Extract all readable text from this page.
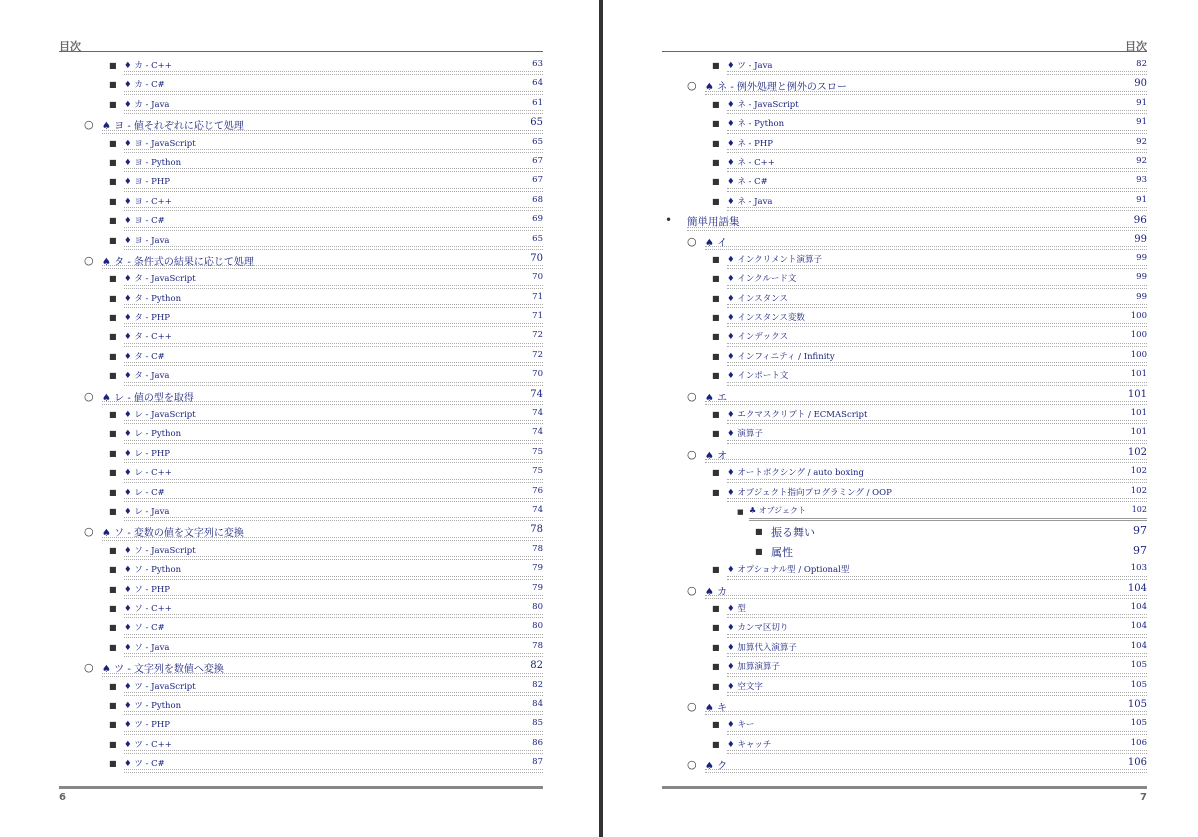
目次
■ ♦ カ - C++	63
■ ♦ カ - C#	64
■ ♦ カ - Java	61
○ ♠ ヨ - 値それぞれに応じて処理	65
■ ♦ ヨ - JavaScript	65
■ ♦ ヨ - Python	67
■ ♦ ヨ - PHP	67
■ ♦ ヨ - C++	68
■ ♦ ヨ - C#	69
■ ♦ ヨ - Java	65
○ ♠ タ - 条件式の結果に応じて処理	70
■ ♦ タ - JavaScript	70
■ ♦ タ - Python	71
■ ♦ タ - PHP	71
■ ♦ タ - C++	72
■ ♦ タ - C#	72
■ ♦ タ - Java	70
○ ♠ レ - 値の型を取得	74
■ ♦ レ - JavaScript	74
■ ♦ レ - Python	74
■ ♦ レ - PHP	75
■ ♦ レ - C++	75
■ ♦ レ - C#	76
■ ♦ レ - Java	74
○ ♠ ソ - 変数の値を文字列に変換	78
■ ♦ ソ - JavaScript	78
■ ♦ ソ - Python	79
■ ♦ ソ - PHP	79
■ ♦ ソ - C++	80
■ ♦ ソ - C#	80
■ ♦ ソ - Java	78
○ ♠ ツ - 文字列を数値へ変換	82
■ ♦ ツ - JavaScript	82
■ ♦ ツ - Python	84
■ ♦ ツ - PHP	85
■ ♦ ツ - C++	86
■ ♦ ツ - C#	87
6
目次
■ ♦ ツ - Java	82
○ ♠ ネ - 例外処理と例外のスロー	90
■ ♦ ネ - JavaScript	91
■ ♦ ネ - Python	91
■ ♦ ネ - PHP	92
■ ♦ ネ - C++	92
■ ♦ ネ - C#	93
■ ♦ ネ - Java	91
• 簡単用語集	96
○ ♠ イ	99
■ ♦ インクリメント演算子	99
■ ♦ インクルード文	99
■ ♦ インスタンス	99
■ ♦ インスタンス変数	100
■ ♦ インデックス	100
■ ♦ インフィニティ / Infinity	100
■ ♦ インポート文	101
○ ♠ エ	101
■ ♦ エクマスクリプト / ECMAScript	101
■ ♦ 演算子	101
○ ♠ オ	102
■ ♦ オートボクシング / auto boxing	102
■ ♦ オブジェクト指向プログラミング / OOP	102
■ ♣ オブジェクト	102
■ 振る舞い	97
■ 属性	97
■ ♦ オプショナル型 / Optional型	103
○ ♠ カ	104
■ ♦ 型	104
■ ♦ カンマ区切り	104
■ ♦ 加算代入演算子	104
■ ♦ 加算演算子	105
■ ♦ 空文字	105
○ ♠ キ	105
■ ♦ キー	105
■ ♦ キャッチ	106
○ ♠ ク	106
7
